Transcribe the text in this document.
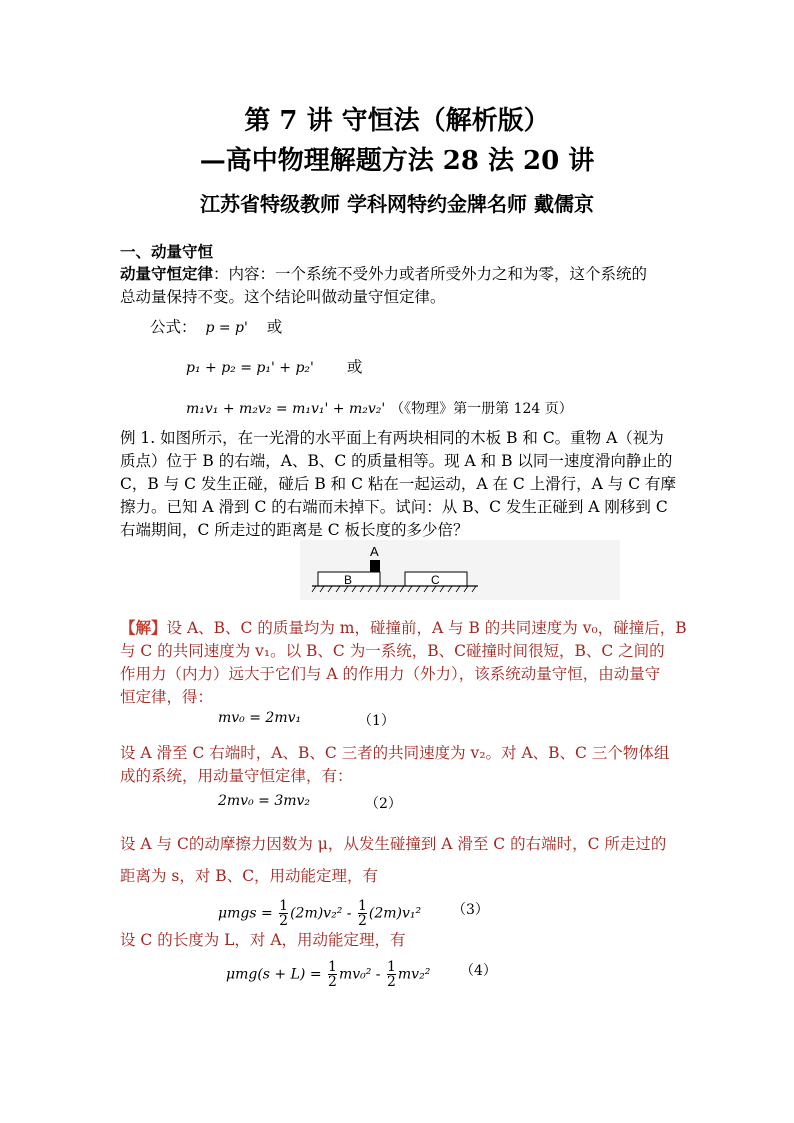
第 7 讲 守恒法（解析版）
—高中物理解题方法 28 法 20 讲
江苏省特级教师 学科网特约金牌名师 戴儒京
一、动量守恒
动量守恒定律：内容：一个系统不受外力或者所受外力之和为零，这个系统的
总动量保持不变。这个结论叫做动量守恒定律。
公式： p = p' 或
p₁ + p₂ = p₁' + p₂' 或
m₁v₁ + m₂v₂ = m₁v₁' + m₂v₂' （《物理》第一册第 124 页）
例 1. 如图所示，在一光滑的水平面上有两块相同的木板 B 和 C。重物 A（视为
质点）位于 B 的右端，A、B、C 的质量相等。现 A 和 B 以同一速度滑向静止的
C，B 与 C 发生正碰，碰后 B 和 C 粘在一起运动，A 在 C 上滑行，A 与 C 有摩
擦力。已知 A 滑到 C 的右端而未掉下。试问：从 B、C 发生正碰到 A 刚移到 C
右端期间，C 所走过的距离是 C 板长度的多少倍？
A
B	C
【解】设 A、B、C 的质量均为 m，碰撞前，A 与 B 的共同速度为 v₀，碰撞后，B
与 C 的共同速度为 v₁。以 B、C 为一系统，B、C碰撞时间很短，B、C 之间的
作用力（内力）远大于它们与 A 的作用力（外力），该系统动量守恒，由动量守
恒定律，得：
mv₀ = 2mv₁	（1）
设 A 滑至 C 右端时，A、B、C 三者的共同速度为 v₂。对 A、B、C 三个物体组
成的系统，用动量守恒定律，有：
2mv₀ = 3mv₂	（2）
设 A 与 C的动摩擦力因数为 μ，从发生碰撞到 A 滑至 C 的右端时，C 所走过的
距离为 s，对 B、C，用动能定理，有
$\mu mgs = \frac{1}{2} (2m)v_2^2 - \frac{1}{2} (2m)v_1^2$ （3）
设 C 的长度为 L，对 A，用动能定理，有
$\mu mg(s + L) = \frac{1}{2} mv_0^2 - \frac{1}{2} mv_2^2$ （4）
